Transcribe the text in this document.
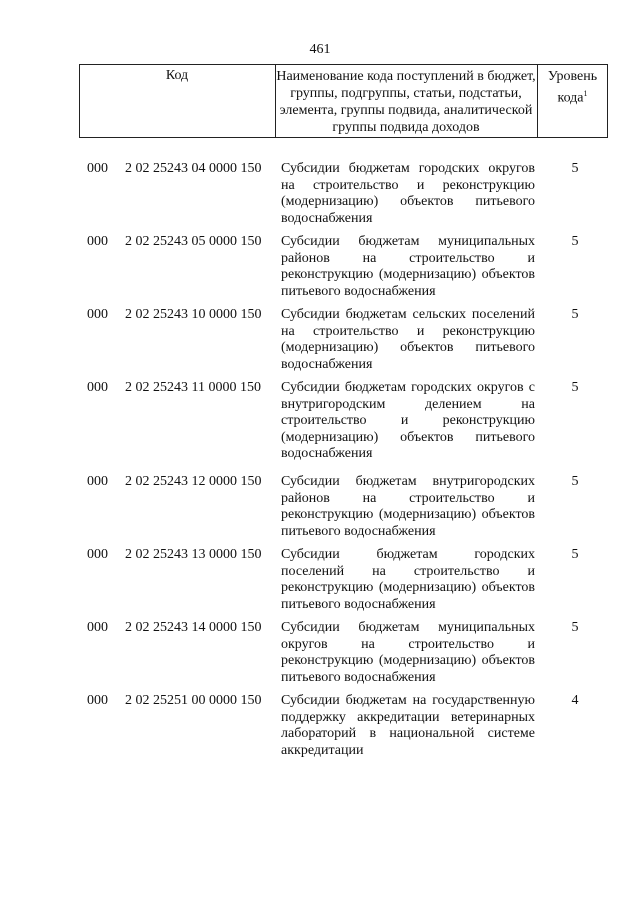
461
Код	Наименование кода поступлений в бюджет, группы, подгруппы, статьи, подстатьи, элемента, группы подвида, аналитической группы подвида доходов
Уровень кода$^1$
000 2 02 25243 04 0000 150 Субсидии бюджетам городских округов на строительство и реконструкцию (модернизацию) объектов питьевого водоснабжения
5
000 2 02 25243 05 0000 150 Субсидии бюджетам муниципальных районов на строительство и реконструкцию (модернизацию) объектов питьевого водоснабжения
5
000 2 02 25243 10 0000 150 Субсидии бюджетам сельских поселений на строительство и реконструкцию (модернизацию) объектов питьевого водоснабжения
5
000 2 02 25243 11 0000 150 Субсидии бюджетам городских округов с внутригородским делением на строительство и реконструкцию (модернизацию) объектов питьевого водоснабжения
5
000 2 02 25243 12 0000 150 Субсидии бюджетам внутригородских районов на строительство и реконструкцию (модернизацию) объектов питьевого водоснабжения
5
000 2 02 25243 13 0000 150 Субсидии бюджетам городских поселений на строительство и реконструкцию (модернизацию) объектов питьевого водоснабжения
5
000 2 02 25243 14 0000 150 Субсидии бюджетам муниципальных округов на строительство и реконструкцию (модернизацию) объектов питьевого водоснабжения
5
000 2 02 25251 00 0000 150 Субсидии бюджетам на государственную поддержку аккредитации ветеринарных лабораторий в национальной системе аккредитации
4
